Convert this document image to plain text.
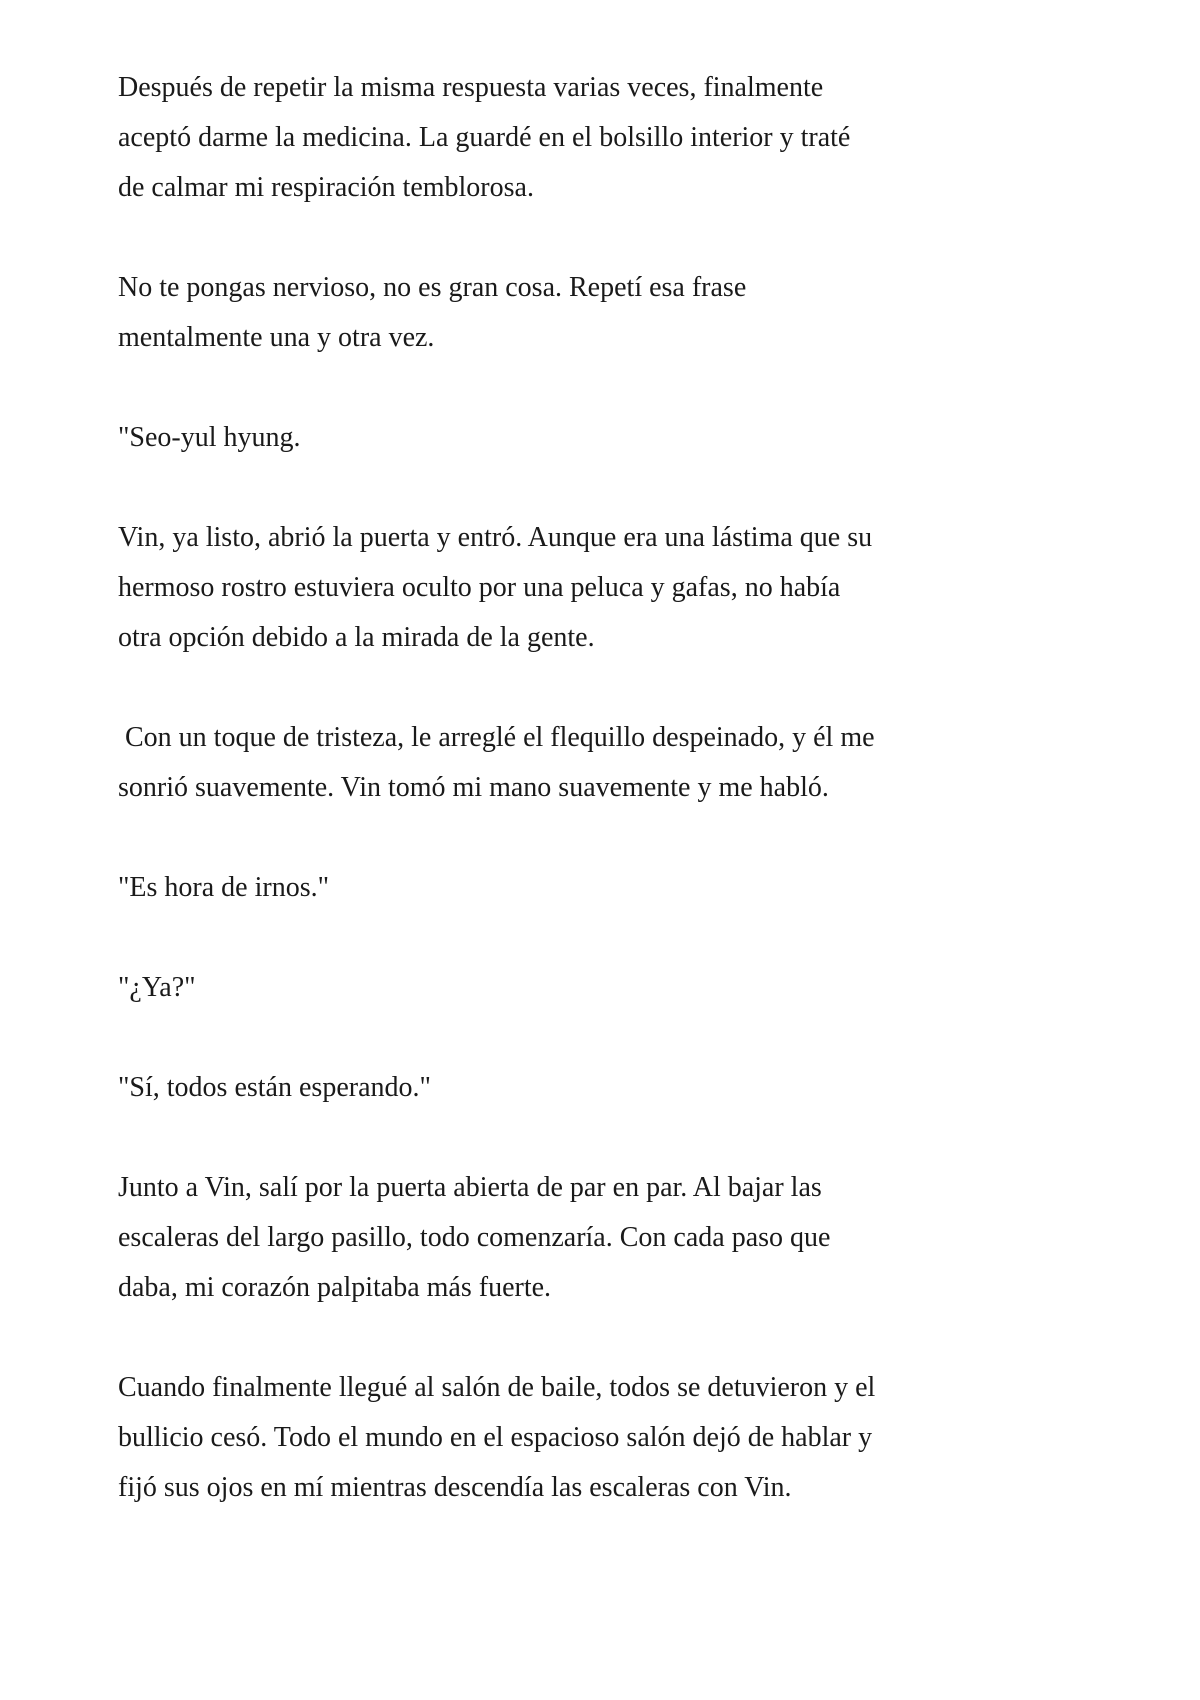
Después de repetir la misma respuesta varias veces, finalmente
aceptó darme la medicina. La guardé en el bolsillo interior y traté
de calmar mi respiración temblorosa.
No te pongas nervioso, no es gran cosa. Repetí esa frase
mentalmente una y otra vez.
"Seo-yul hyung.
Vin, ya listo, abrió la puerta y entró. Aunque era una lástima que su
hermoso rostro estuviera oculto por una peluca y gafas, no había
otra opción debido a la mirada de la gente.
Con un toque de tristeza, le arreglé el flequillo despeinado, y él me
sonrió suavemente. Vin tomó mi mano suavemente y me habló.
"Es hora de irnos."
"¿Ya?"
"Sí, todos están esperando."
Junto a Vin, salí por la puerta abierta de par en par. Al bajar las
escaleras del largo pasillo, todo comenzaría. Con cada paso que
daba, mi corazón palpitaba más fuerte.
Cuando finalmente llegué al salón de baile, todos se detuvieron y el
bullicio cesó. Todo el mundo en el espacioso salón dejó de hablar y
fijó sus ojos en mí mientras descendía las escaleras con Vin.
